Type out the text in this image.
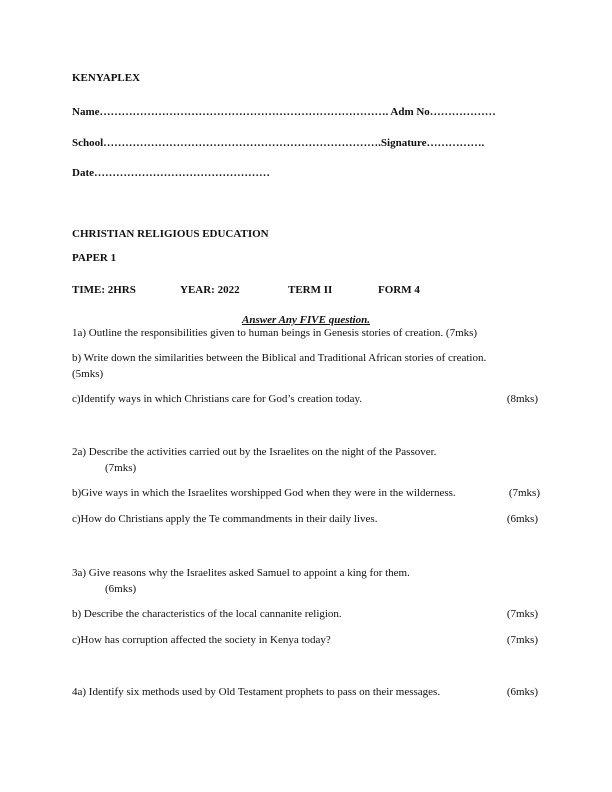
KENYAPLEX
Name……………………………………………………………………. Adm No………………
School………………………………………………………………….Signature…………….
Date…………………………………………
CHRISTIAN RELIGIOUS EDUCATION
PAPER 1
TIME: 2HRS	YEAR: 2022	TERM II	FORM 4
Answer Any FIVE question.
1a) Outline the responsibilities given to human beings in Genesis stories of creation. (7mks)
b) Write down the similarities between the Biblical and Traditional African stories of creation.
(5mks)
c)Identify ways in which Christians care for God’s creation today.	(8mks)
2a) Describe the activities carried out by the Israelites on the night of the Passover.
(7mks)
b)Give ways in which the Israelites worshipped God when they were in the wilderness.	(7mks)
c)How do Christians apply the Te commandments in their daily lives.	(6mks)
3a) Give reasons why the Israelites asked Samuel to appoint a king for them.
(6mks)
b) Describe the characteristics of the local cannanite religion.	(7mks)
c)How has corruption affected the society in Kenya today?	(7mks)
4a) Identify six methods used by Old Testament prophets to pass on their messages.	(6mks)
